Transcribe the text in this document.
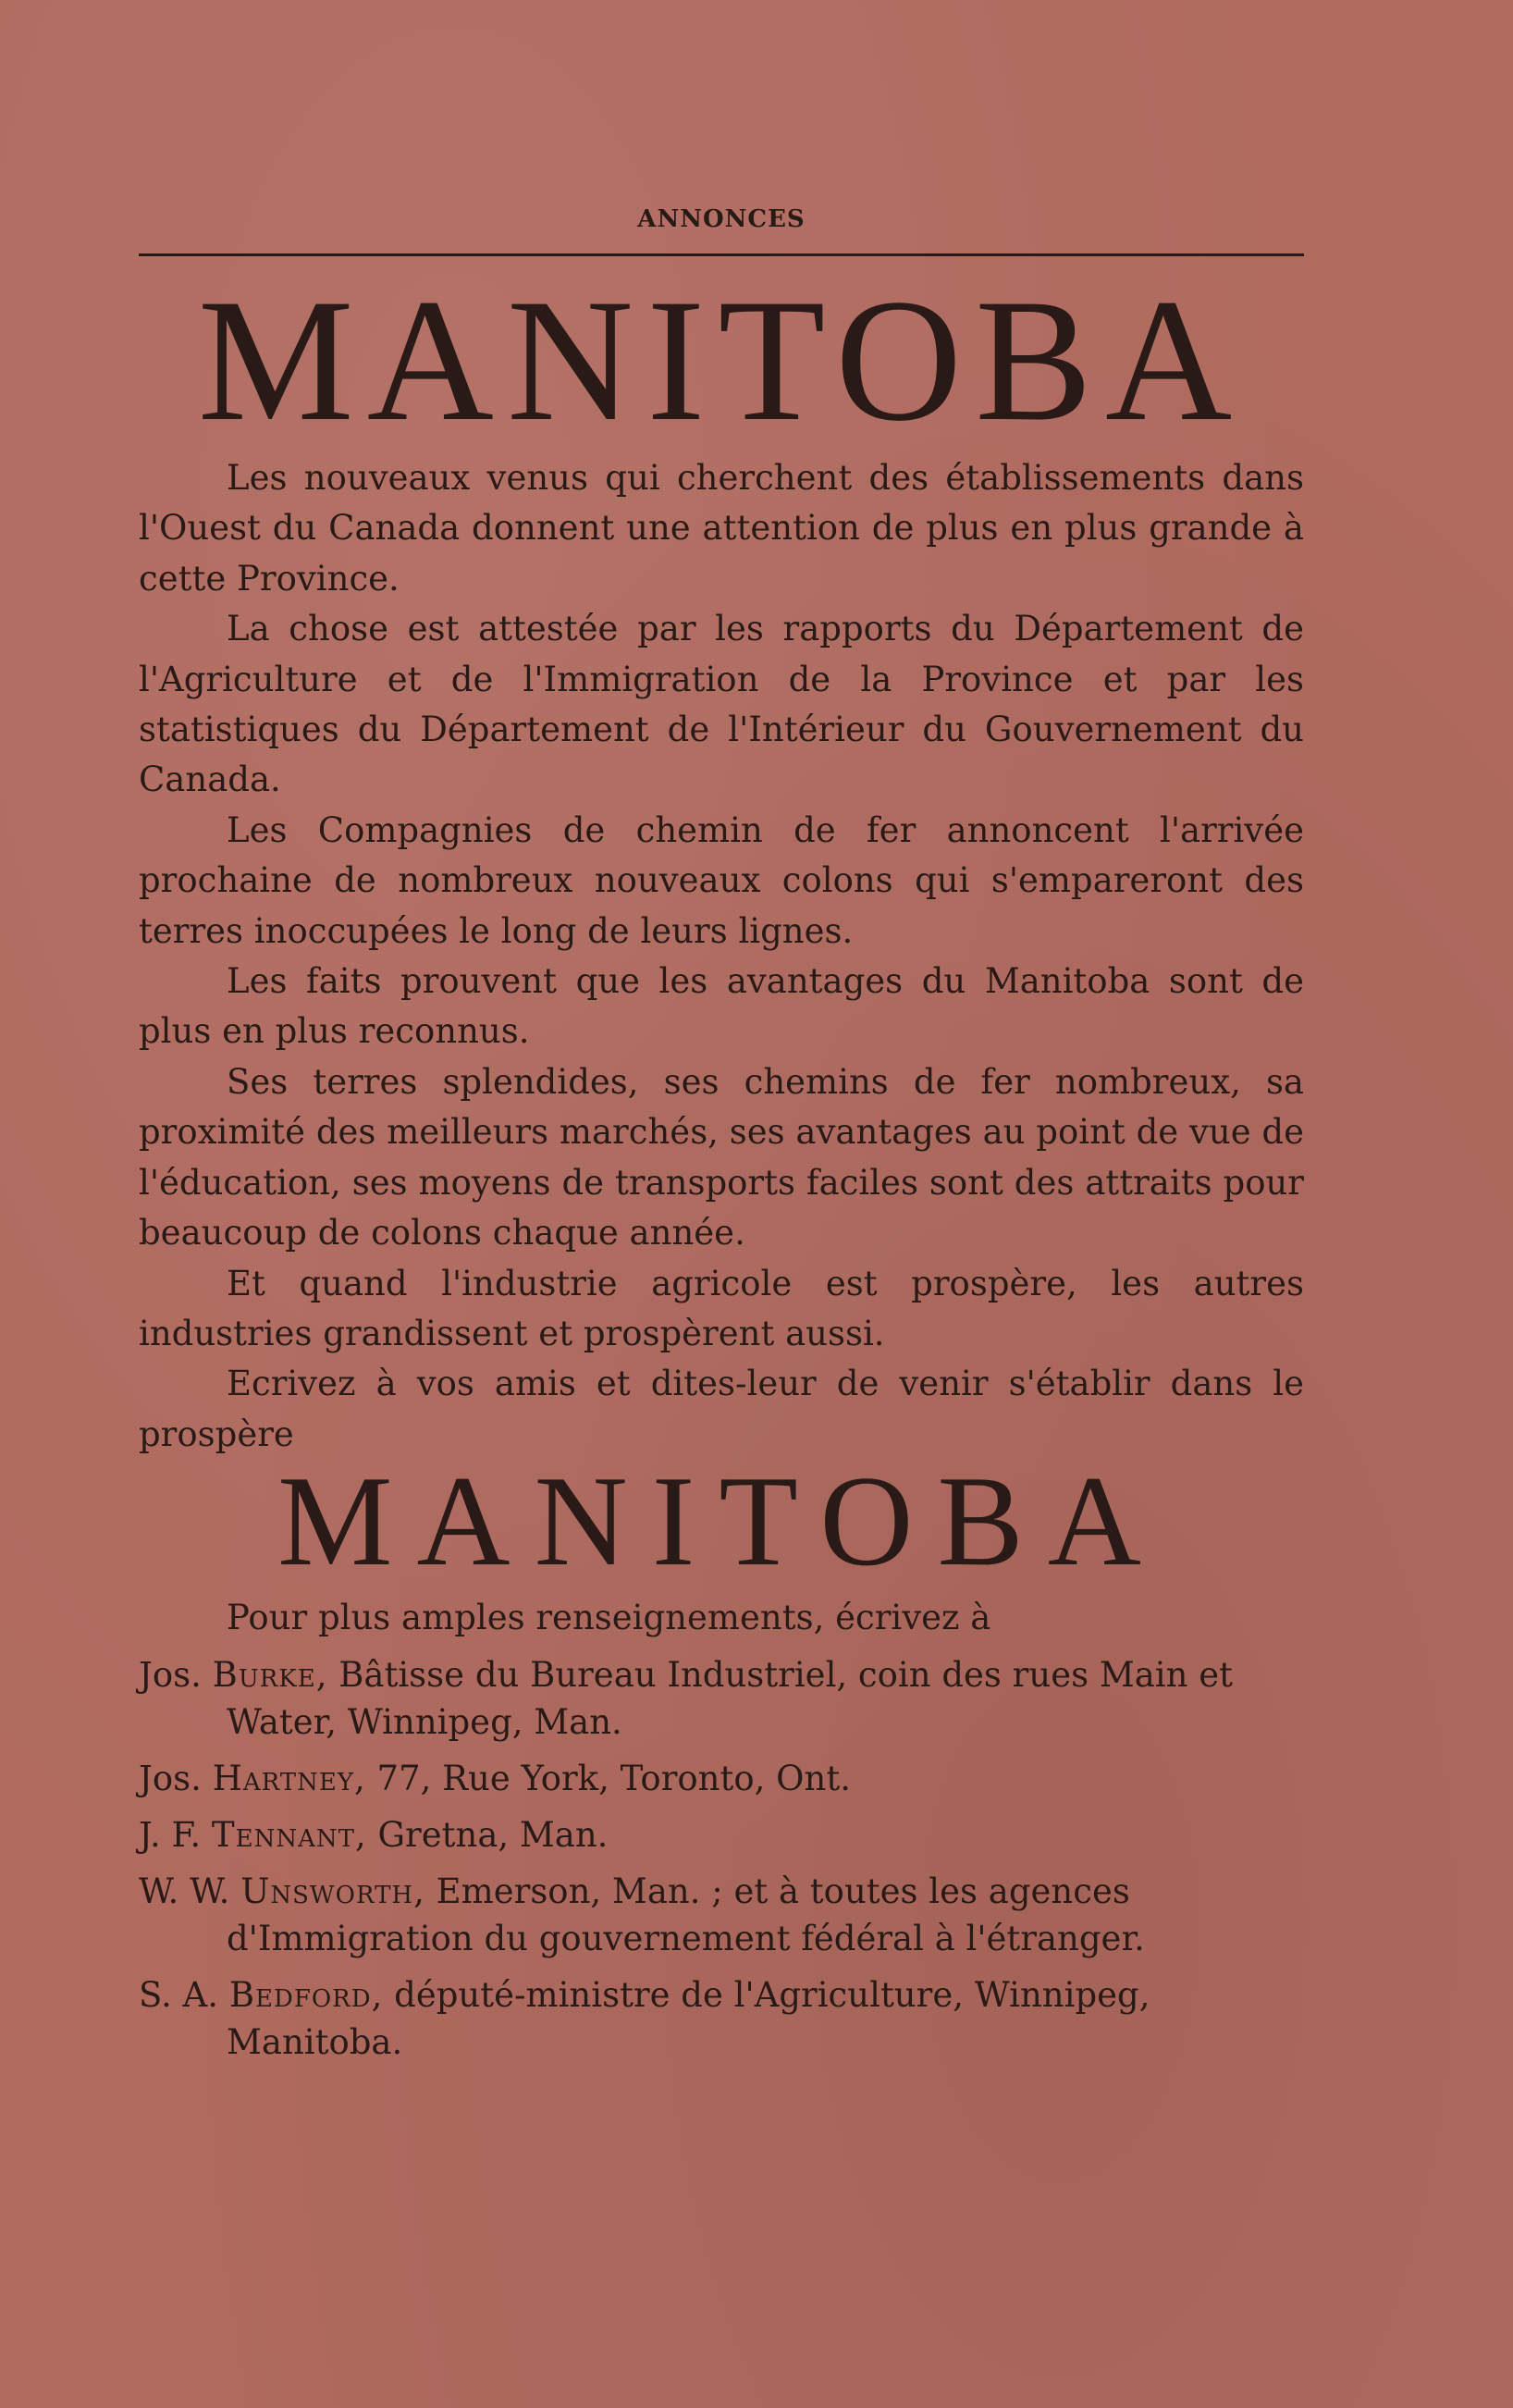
ANNONCES
MANITOBA

Les nouveaux venus qui cherchent des établissements dans l'Ouest du Canada donnent une attention de plus en plus grande à cette Province.

La chose est attestée par les rapports du Département de l'Agriculture et de l'Immigration de la Province et par les statistiques du Département de l'Intérieur du Gouvernement du Canada.

Les Compagnies de chemin de fer annoncent l'arrivée prochaine de nombreux nouveaux colons qui s'empareront des terres inoccupées le long de leurs lignes.

Les faits prouvent que les avantages du Manitoba sont de plus en plus reconnus.

Ses terres splendides, ses chemins de fer nombreux, sa proximité des meilleurs marchés, ses avantages au point de vue de l'éducation, ses moyens de transports faciles sont des attraits pour beaucoup de colons chaque année.

Et quand l'industrie agricole est prospère, les autres industries grandissent et prospèrent aussi.

Ecrivez à vos amis et dites-leur de venir s'établir dans le prospère

MANITOBA
Pour plus amples renseignements, écrivez à

Jos. Burke, Bâtisse du Bureau Industriel, coin des rues Main et Water, Winnipeg, Man.

Jos. Hartney, 77, Rue York, Toronto, Ont.

J. F. Tennant, Gretna, Man.

W. W. Unsworth, Emerson, Man. ; et à toutes les agences d'Immigration du gouvernement fédéral à l'étranger.

S. A. Bedford, député-ministre de l'Agriculture, Winnipeg, Manitoba.
